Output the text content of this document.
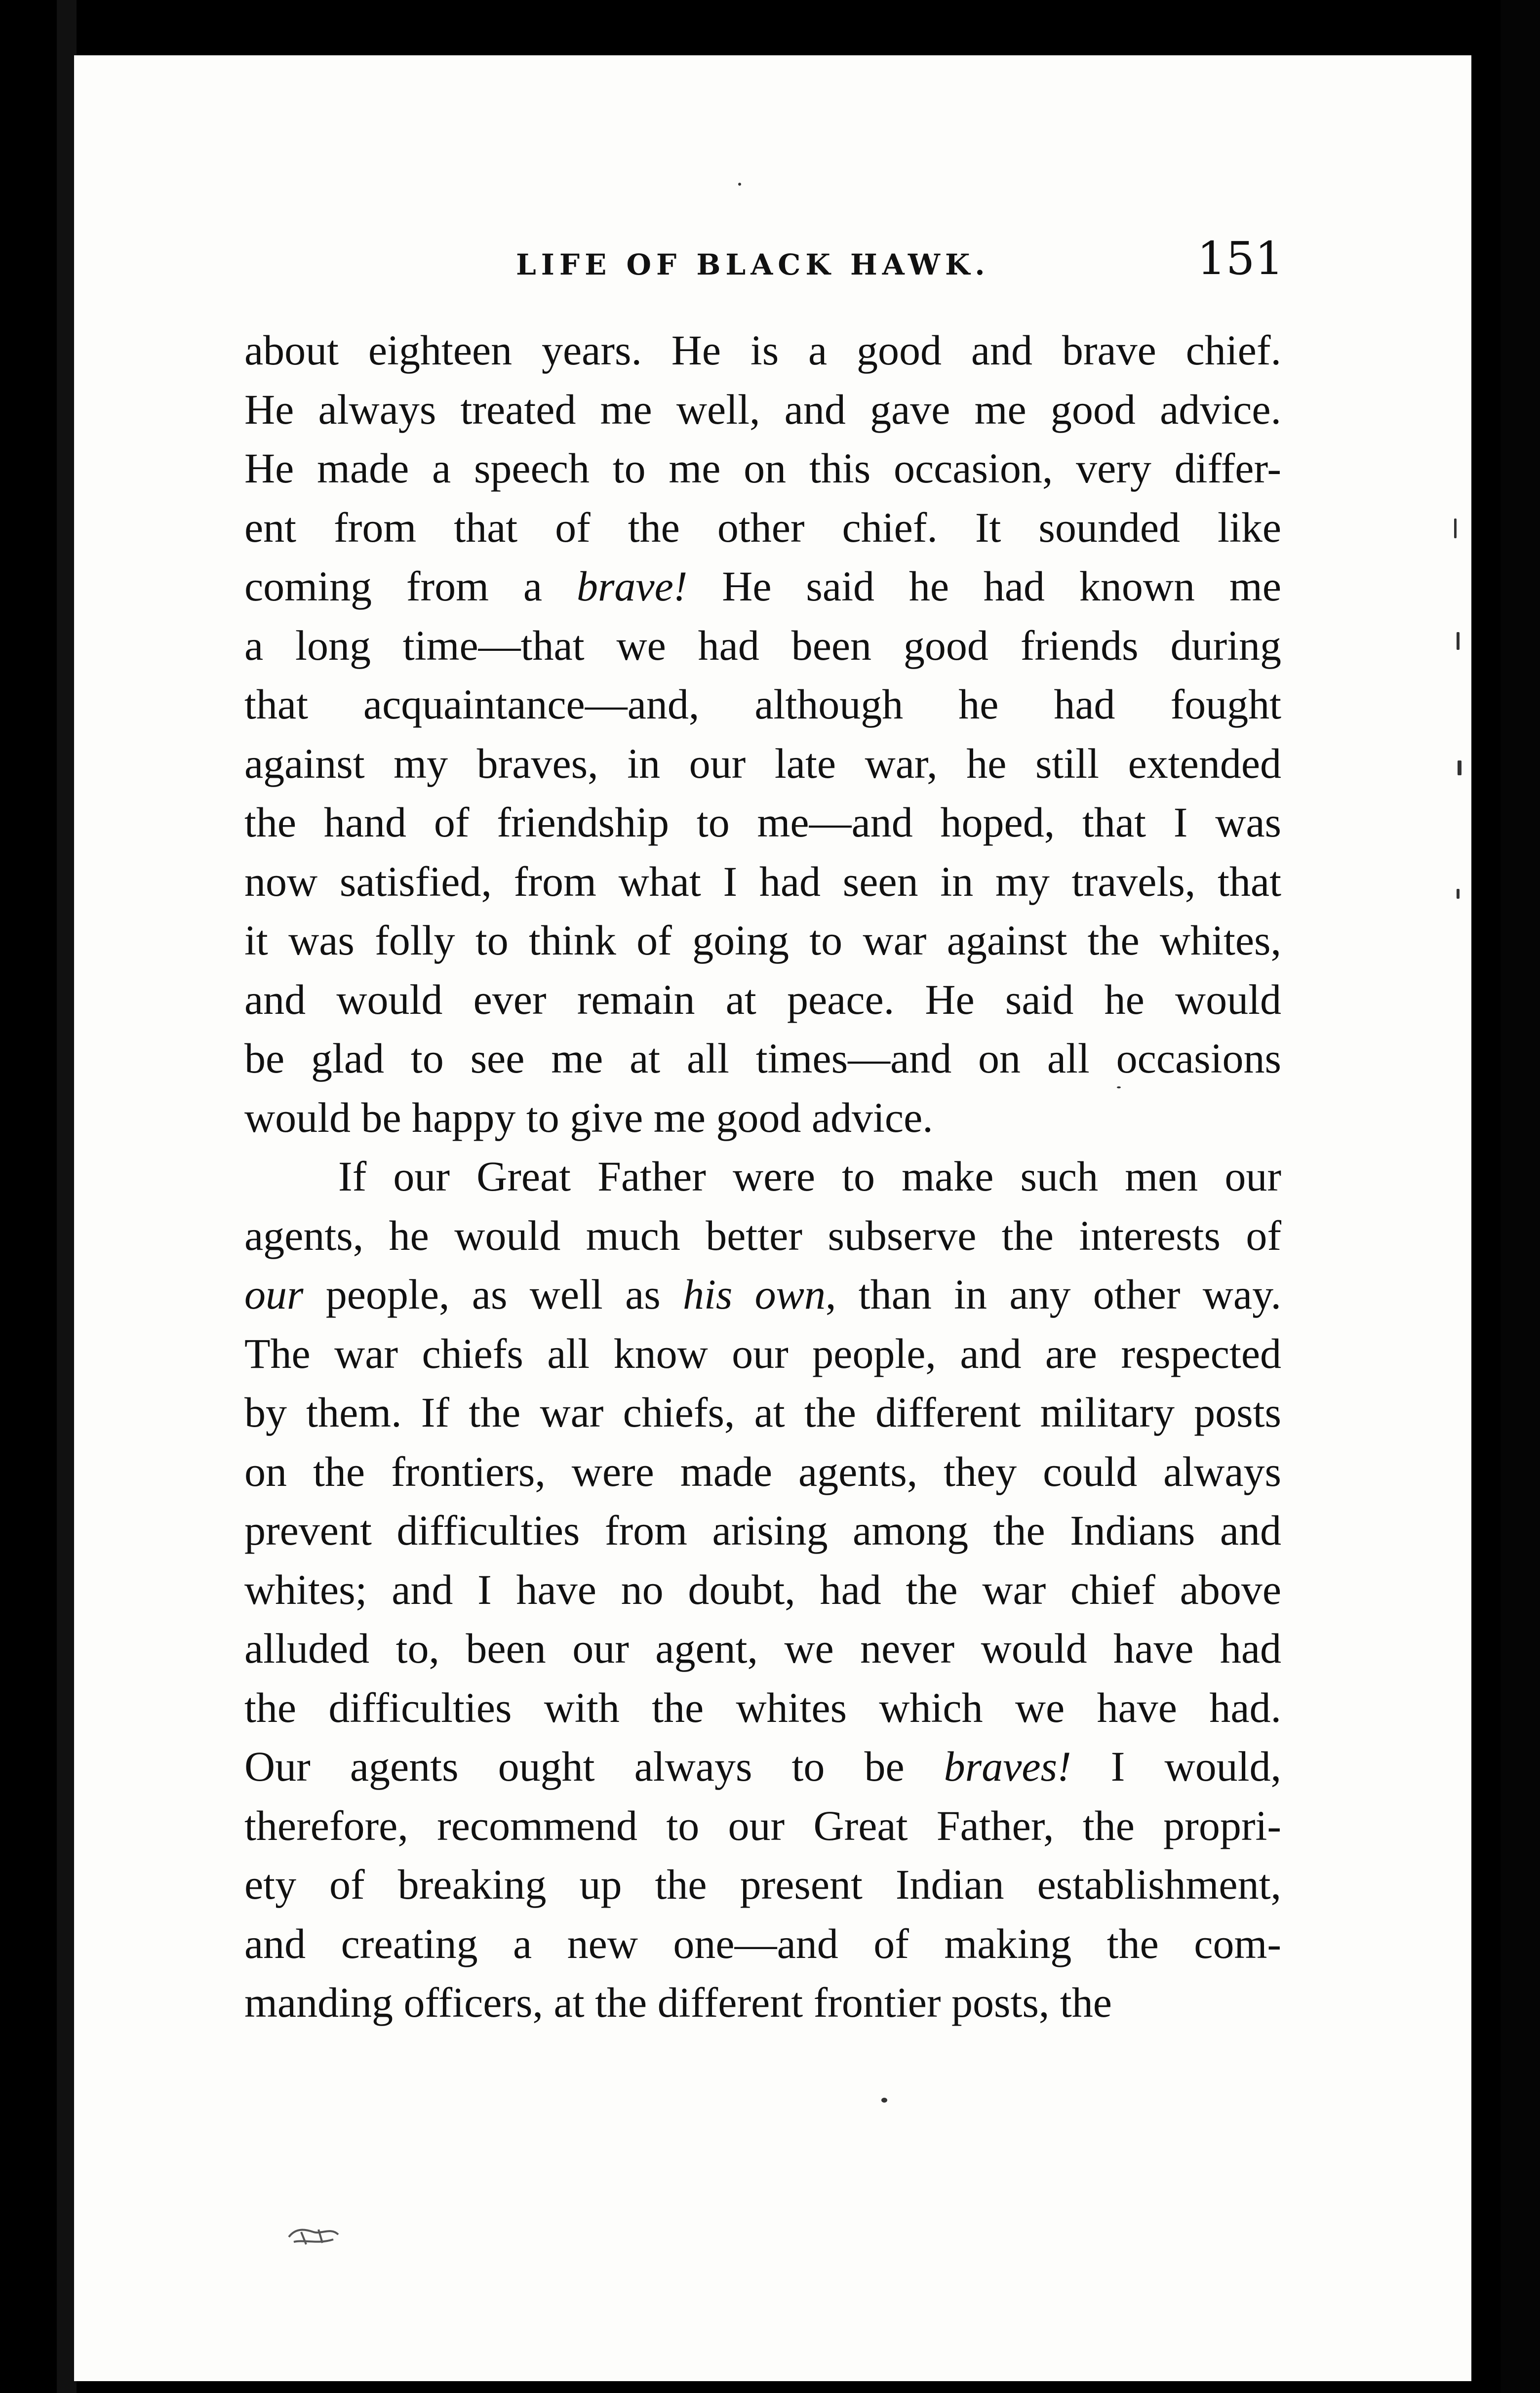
LIFE OF BLACK HAWK.	151
about eighteen years. He is a good and brave chief.
He always treated me well, and gave me good advice.
He made a speech to me on this occasion, very differ-
ent from that of the other chief. It sounded like
coming from a brave! He said he had known me
a long time—that we had been good friends during
that acquaintance—and, although he had fought
against my braves, in our late war, he still extended
the hand of friendship to me—and hoped, that I was
now satisfied, from what I had seen in my travels, that
it was folly to think of going to war against the whites,
and would ever remain at peace. He said he would
be glad to see me at all times—and on all occasions
would be happy to give me good advice.
If our Great Father were to make such men our
agents, he would much better subserve the interests of
our people, as well as his own, than in any other way.
The war chiefs all know our people, and are respected
by them. If the war chiefs, at the different military posts
on the frontiers, were made agents, they could always
prevent difficulties from arising among the Indians and
whites; and I have no doubt, had the war chief above
alluded to, been our agent, we never would have had
the difficulties with the whites which we have had.
Our agents ought always to be braves! I would,
therefore, recommend to our Great Father, the propri-
ety of breaking up the present Indian establishment,
and creating a new one—and of making the com-
manding officers, at the different frontier posts, the
